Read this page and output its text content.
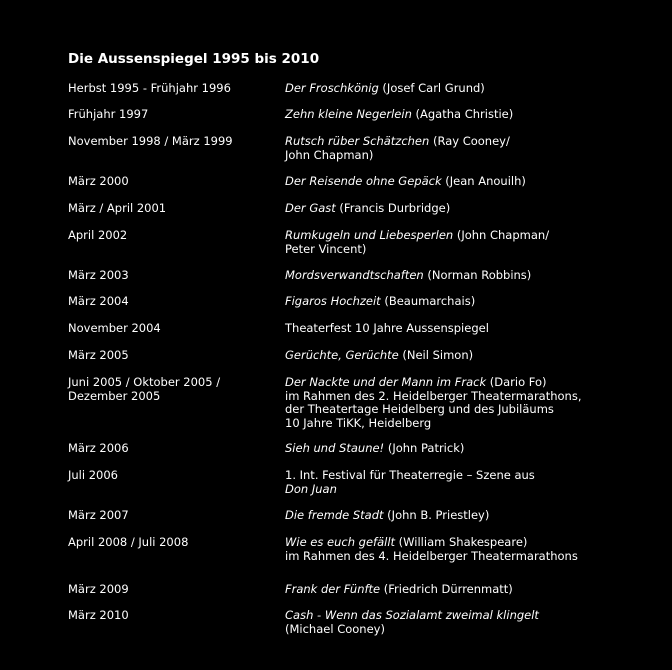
Die Aussenspiegel 1995 bis 2010
Herbst 1995 - Frühjahr 1996	Der Froschkönig (Josef Carl Grund)
Frühjahr 1997	Zehn kleine Negerlein (Agatha Christie)
November 1998 / März 1999	Rutsch rüber Schätzchen (Ray Cooney/
John Chapman)
März 2000	Der Reisende ohne Gepäck (Jean Anouilh)
März / April 2001	Der Gast (Francis Durbridge)
April 2002	Rumkugeln und Liebesperlen (John Chapman/
Peter Vincent)
März 2003	Mordsverwandtschaften (Norman Robbins)
März 2004	Figaros Hochzeit (Beaumarchais)
November 2004	Theaterfest 10 Jahre Aussenspiegel
März 2005	Gerüchte, Gerüchte (Neil Simon)
Juni 2005 / Oktober 2005 /
Dezember 2005
Der Nackte und der Mann im Frack (Dario Fo)
im Rahmen des 2. Heidelberger Theatermarathons,
der Theatertage Heidelberg und des Jubiläums
10 Jahre TiKK, Heidelberg
März 2006	Sieh und Staune! (John Patrick)
Juli 2006	1. Int. Festival für Theaterregie – Szene aus
Don Juan
März 2007	Die fremde Stadt (John B. Priestley)
April 2008 / Juli 2008	Wie es euch gefällt (William Shakespeare)
im Rahmen des 4. Heidelberger Theatermarathons
März 2009	Frank der Fünfte (Friedrich Dürrenmatt)
März 2010	Cash - Wenn das Sozialamt zweimal klingelt
(Michael Cooney)
